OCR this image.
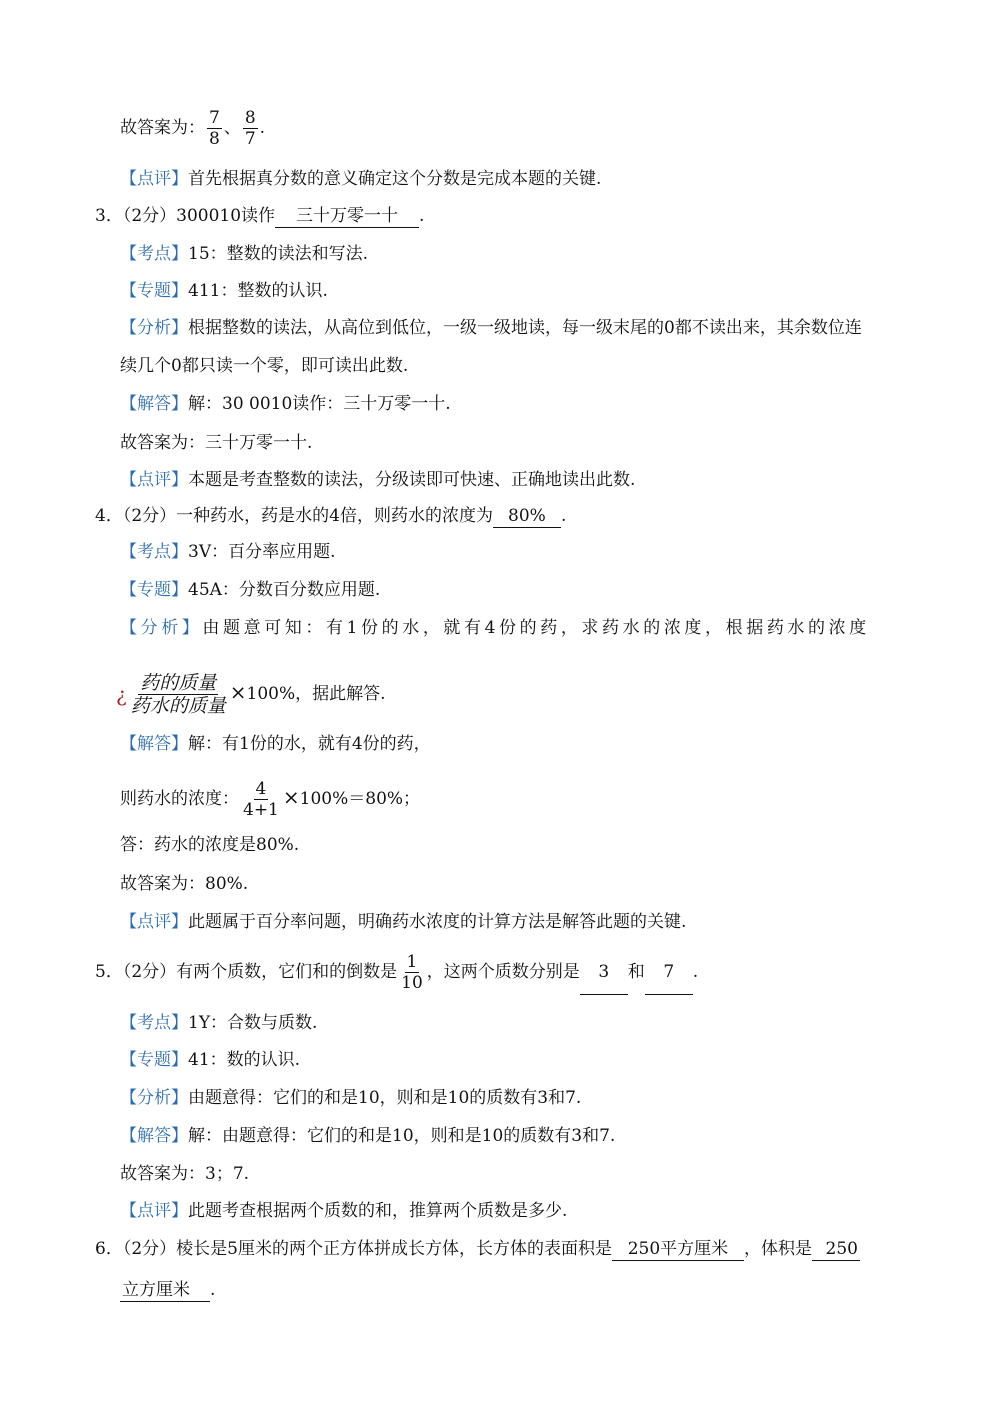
故答案为： $\frac{7}{8}$ 、 $\frac{8}{7}$ .
【点评】首先根据真分数的意义确定这个分数是完成本题的关键.
3．（2分）300010读作 三十万零一十 .
【考点】15：整数的读法和写法.
【专题】411：整数的认识.
【分析】根据整数的读法，从高位到低位，一级一级地读，每一级末尾的0都不读出来，其余数位连
续几个0都只读一个零，即可读出此数.
【解答】解：30 0010读作：三十万零一十.
故答案为：三十万零一十.
【点评】本题是考查整数的读法，分级读即可快速、正确地读出此数.
4．（2分）一种药水，药是水的4倍，则药水的浓度为 80% .
【考点】3V：百分率应用题.
【专题】45A：分数百分数应用题.
【分析】由题意可知：有1份的水，就有4份的药，求药水的浓度，根据药水的浓度
¿ $\frac{\text{药的质量}}{\text{药水的质量}} \times 100\%$，据此解答.
【解答】解：有1份的水，就有4份的药，
则药水的浓度： $\frac{4}{4+1} \times 100\%=80\%$；
答：药水的浓度是80%.
故答案为：80%.
【点评】此题属于百分率问题，明确药水浓度的计算方法是解答此题的关键.
5．（2分）有两个质数，它们和的倒数是 $\frac{1}{10}$ ，这两个质数分别是 3 和 7 .
【考点】1Y：合数与质数.
【专题】41：数的认识.
【分析】由题意得：它们的和是10，则和是10的质数有3和7.
【解答】解：由题意得：它们的和是10，则和是10的质数有3和7.
故答案为：3；7.
【点评】此题考查根据两个质数的和，推算两个质数是多少.
6．（2分）棱长是5厘米的两个正方体拼成长方体，长方体的表面积是 250平方厘米 ，体积是 250
立方厘米 .
